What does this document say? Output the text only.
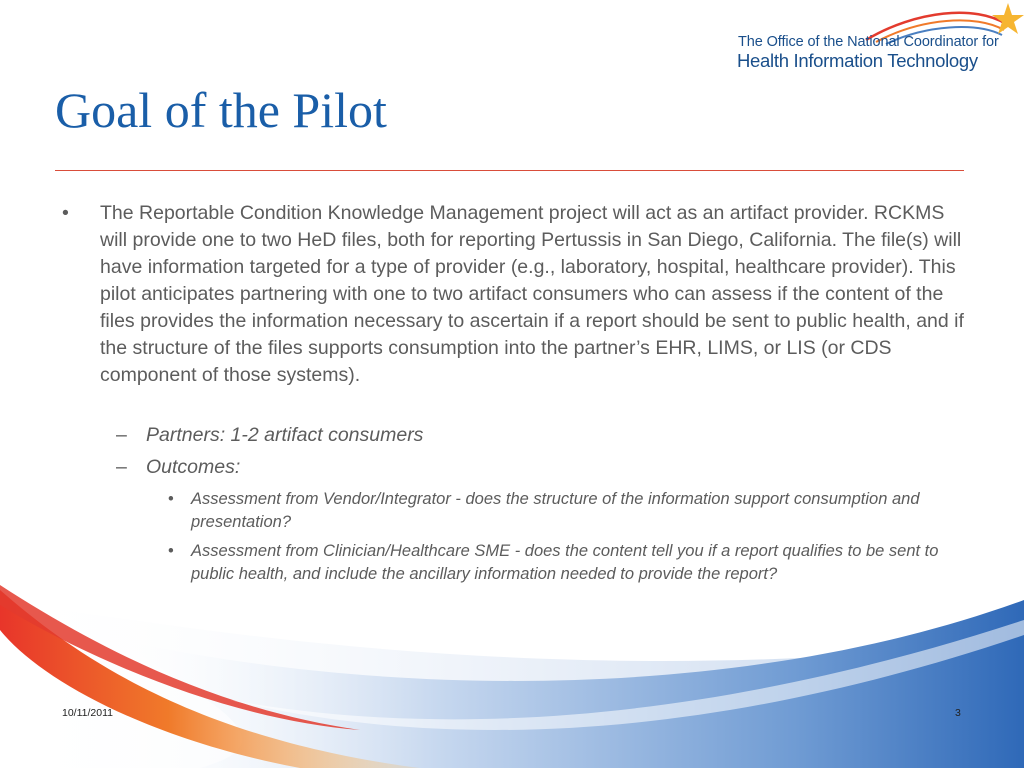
The Office of the National Coordinator for
Health Information Technology
Goal of the Pilot
• The Reportable Condition Knowledge Management project will act as an artifact provider. RCKMS will provide one to two HeD files, both for reporting Pertussis in San Diego, California. The file(s) will have information targeted for a type of provider (e.g., laboratory, hospital, healthcare provider). This pilot anticipates partnering with one to two artifact consumers who can assess if the content of the files provides the information necessary to ascertain if a report should be sent to public health, and if the structure of the files supports consumption into the partner’s EHR, LIMS, or LIS (or CDS component of those systems).
– Partners: 1-2 artifact consumers
– Outcomes:
• Assessment from Vendor/Integrator - does the structure of the information support consumption and presentation?
• Assessment from Clinician/Healthcare SME - does the content tell you if a report qualifies to be sent to public health, and include the ancillary information needed to provide the report?
10/11/2011	3
